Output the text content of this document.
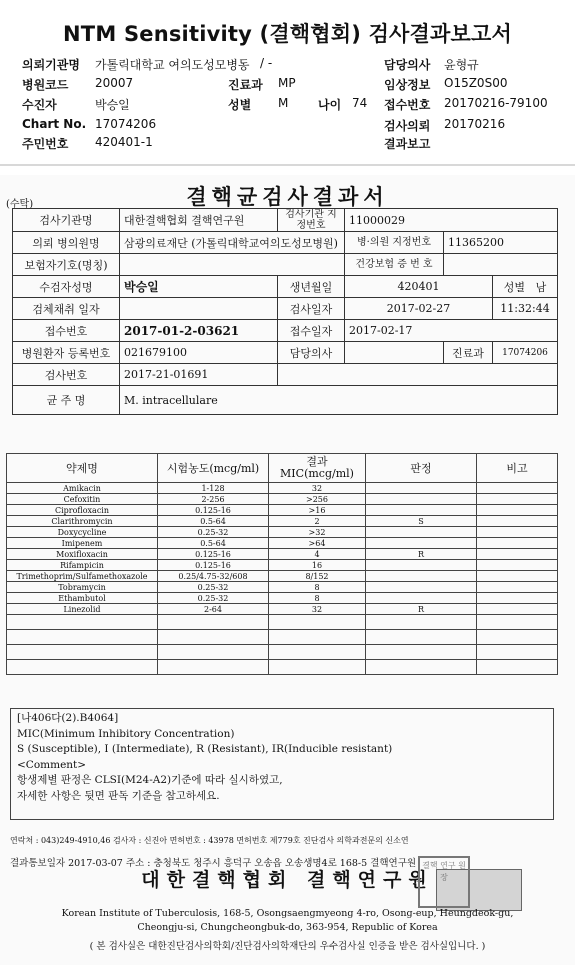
NTM Sensitivity (결핵협회) 검사결과보고서
의뢰기관명 가톨릭대학교 여의도성모병동 / -	담당의사 윤형규
병원코드 20007	진료과 MP	임상정보 O15Z0S00
수진자	박승일	성별 M 나이 74 접수번호 20170216-79100
Chart No. 17074206	검사의뢰 20170216
주민번호 420401-1	결과보고
(수탁)	결핵균검사결과서
검사기관명	대한결핵협회 결핵연구원	검사기관 지정번호	11000029		
의뢰 병의원명	삼광의료재단 (가톨릭대학교여의도성모병원)		병·의원 지정번호	11365200	
보험자기호(명칭)			건강보험 증 번 호		
수검자성명	박승일	생년월일	420401		성별 남
검체채취 일자		검사일자	2017-02-27		11:32:44
접수번호	2017-01-2-03621	접수일자	2017-02-17		
병원환자 등록번호	021679100	담당의사		진료과	17074206
검사번호	2017-21-01691				
균 주 명	M. intracellulare				
약제명	시험농도(mcg/ml)	결과 MIC(mcg/ml)	판정	비고
Amikacin	1-128	32		
Cefoxitin	2-256	>256		
Ciprofloxacin	0.125-16	>16		
Clarithromycin	0.5-64	2	S	
Doxycycline	0.25-32	>32		
Imipenem	0.5-64	>64		
Moxifloxacin	0.125-16	4	R	
Rifampicin	0.125-16	16		
Trimethoprim/Sulfamethoxazole	0.25/4.75-32/608	8/152		
Tobramycin	0.25-32	8		
Ethambutol	0.25-32	8		
Linezolid	2-64	32	R	

[나406다(2).B4064]
MIC(Minimum Inhibitory Concentration)
S (Susceptible), I (Intermediate), R (Resistant), IR(Inducible resistant)
<Comment>
항생제별 판정은 CLSI(M24-A2)기준에 따라 실시하였고,
자세한 사항은 뒷면 판독 기준을 참고하세요.
연락처 : 043)249-4910,46 검사자 : 신진아 면허번호 : 43978 면허번호 제779호 진단검사 의학과전문의 신소연
결과통보일자 2017-03-07 주소 : 충청북도 청주시 흥덕구 오송읍 오송생명4로 168-5 결핵연구원
대한결핵협회 결핵연구원
결핵 연구 원장
Korean Institute of Tuberculosis, 168-5, Osongsaengmyeong 4-ro, Osong-eup, Heungdeok-gu,
Cheongju-si, Chungcheongbuk-do, 363-954, Republic of Korea
( 본 검사실은 대한진단검사의학회/진단검사의학재단의 우수검사실 인증을 받은 검사실입니다. )
